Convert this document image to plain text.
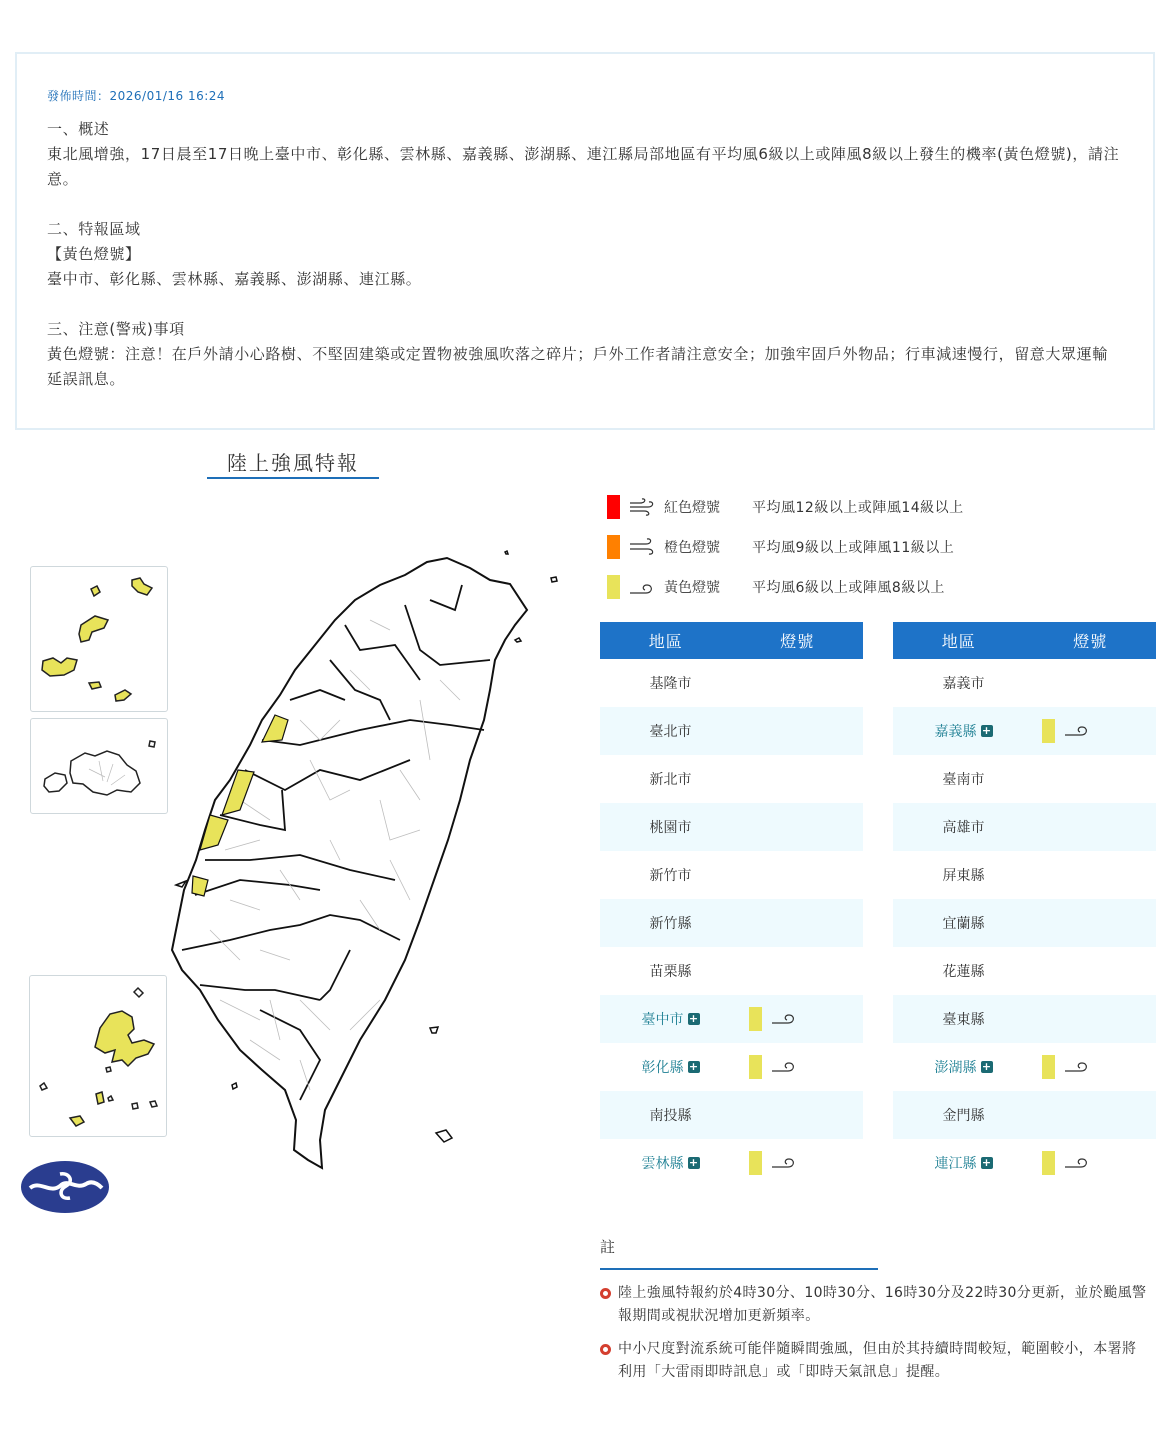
發佈時間：2026/01/16 16:24
一、概述
東北風增強，17日晨至17日晚上臺中市、彰化縣、雲林縣、嘉義縣、澎湖縣、連江縣局部地區有平均風6級以上或陣風8級以上發生的機率(黃色燈號)，請注意。
二、特報區域
【黃色燈號】
臺中市、彰化縣、雲林縣、嘉義縣、澎湖縣、連江縣。
三、注意(警戒)事項
黃色燈號：注意！在戶外請小心路樹、不堅固建築或定置物被強風吹落之碎片；戶外工作者請注意安全；加強牢固戶外物品；行車減速慢行，留意大眾運輸延誤訊息。
陸上強風特報
紅色燈號	平均風12級以上或陣風14級以上
橙色燈號	平均風9級以上或陣風11級以上
黃色燈號	平均風6級以上或陣風8級以上
地區	燈號
基隆市
臺北市
新北市
桃園市
新竹市
新竹縣
苗栗縣
臺中市 +
彰化縣 +
南投縣
雲林縣 +
地區	燈號
嘉義市
嘉義縣 +
臺南市
高雄市
屏東縣
宜蘭縣
花蓮縣
臺東縣
澎湖縣 +
金門縣
連江縣 +
註
陸上強風特報約於4時30分、10時30分、16時30分及22時30分更新，並於颱風警報期間或視狀況增加更新頻率。
中小尺度對流系統可能伴隨瞬間強風，但由於其持續時間較短，範圍較小，本署將利用「大雷雨即時訊息」或「即時天氣訊息」提醒。
